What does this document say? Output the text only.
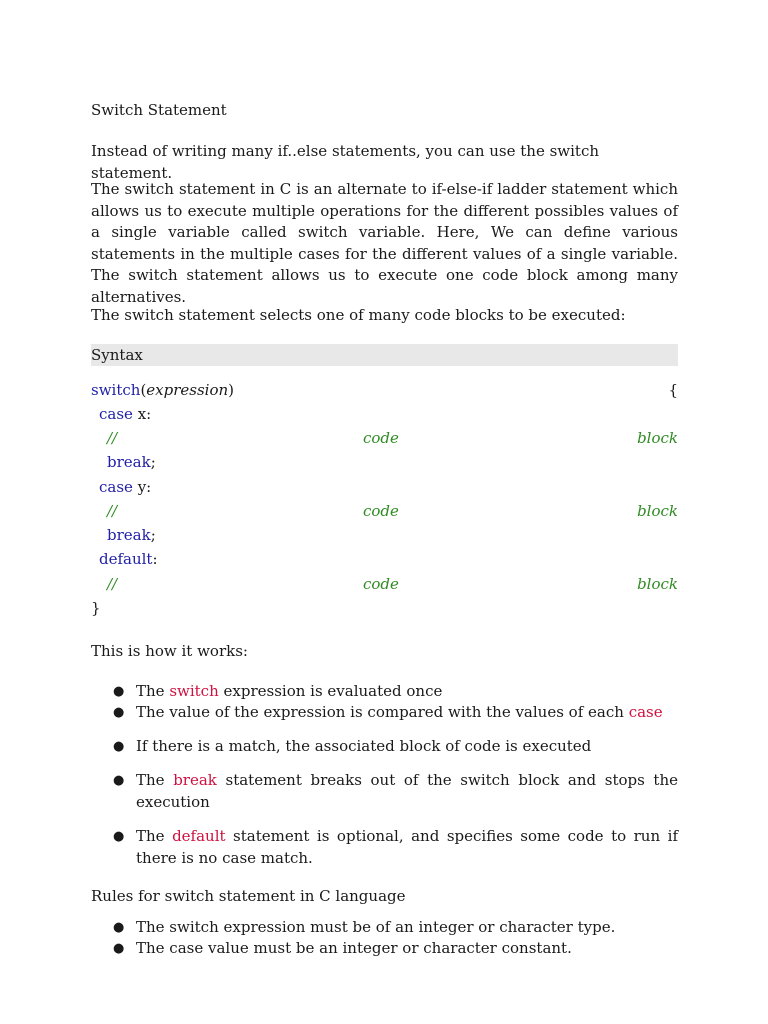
Switch Statement

Instead of writing many if..else statements, you can use the switch statement.

The switch statement in C is an alternate to if-else-if ladder statement which allows us to execute multiple operations for the different possibles values of a single variable called switch variable. Here, We can define various statements in the multiple cases for the different values of a single variable. The switch statement allows us to execute one code block among many alternatives.

The switch statement selects one of many code blocks to be executed:

Syntax
switch(expression)	{
case x:
//	code	block
break;
case y:
//	code	block
break;
default:
//	code	block
}

This is how it works:

● The switch expression is evaluated once
● The value of the expression is compared with the values of each case
● If there is a match, the associated block of code is executed
● The break statement breaks out of the switch block and stops the execution
● The default statement is optional, and specifies some code to run if there is no case match.

Rules for switch statement in C language

● The switch expression must be of an integer or character type.
● The case value must be an integer or character constant.
